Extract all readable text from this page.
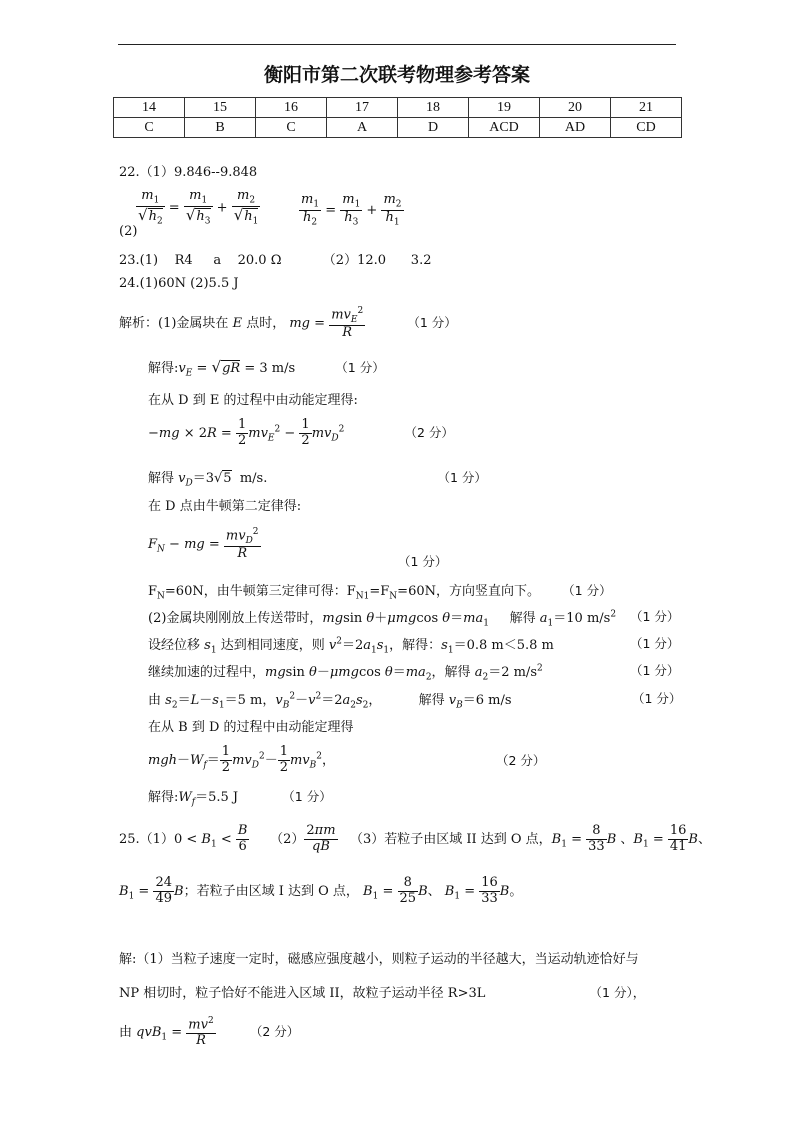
衡阳市第二次联考物理参考答案
14	15	16	17	18	19	20	21
C	B	C	A	D	ACD	AD	CD
22.（1）9.846--9.848
$\frac{m_1}{√h_2} = \frac{m_1}{√h_3} + \frac{m_2}{√h_1}$
(2)
$\frac{m_1}{h_2} = \frac{m_1}{h_3} + \frac{m_2}{h_1}$
23.(1)    R4     a    20.0 Ω          （2）12.0      3.2
24.(1)60N (2)5.5 J
解析：(1)金属块在 E 点时， mg = $\frac{mv_E^2}{R}$	（1 分）
解得$:v_E = √gR = 3$ m/s	（1 分）
在从 D 到 E 的过程中由动能定理得:
$-mg \times 2R = \frac{1}{2} mv_E^2 - \frac{1}{2} mv_D^2$	（2 分）
解得 $v_D=3√5$ m/s.	（1 分）
在 D 点由牛顿第二定律得:
$F_N$ − mg = $\frac{mv_D^2}{R}$	（1 分）
$F_N=60N$，由牛顿第三定律可得：$F_{N1}=F_N=60N$，方向竖直向下。 （1 分）
(2)金属块刚刚放上传送带时，mgsin θ＋μmgcos $\theta=ma_1$ 解得 $a_1=10$ $m/s^2$ （1 分）
设经位移 $s_1$ 达到相同速度，则 $v^2=2a_1s_1$，解得：$s_1=0.8$ m＜5.8 m	（1 分）
继续加速的过程中，mgsin θ－μmgcos $\theta=ma_2$，解得 $a_2=2$ $m/s^2$	（1 分）
由 $s_2=L-s_1=5$ m，$v_B^2-v^2=2a_2s_2$，         解得 $v_B=6$ m/s	（1 分）
在从 B 到 D 的过程中由动能定理得
$mgh-W_f= \frac{1}{2} mv_D^2- \frac{1}{2} mv_B^2$，	（2 分）
解得$:W_f=5.5$ J	（1 分）
$25.(1)0 < B_1 < \frac{B}{6} (2) \frac{2\pi m}{qB} (3)$若粒子由区域 II 达到 O 点，$B_1 = \frac{8}{33}$ B 、$B_1 = \frac{16}{41}$ B、
$B_1 = \frac{24}{49}$ B；若粒子由区域 I 达到 O 点， $B_1 = \frac{8}{25}$ B、 $B_1 = \frac{16}{33}$ B。
解:（1）当粒子速度一定时，磁感应强度越小，则粒子运动的半径越大，当运动轨迹恰好与
NP 相切时，粒子恰好不能进入区域 II，故粒子运动半径 R>3L	（1 分），
由 $qvB_1 = \frac{mv^2}{R}$	（2 分）
